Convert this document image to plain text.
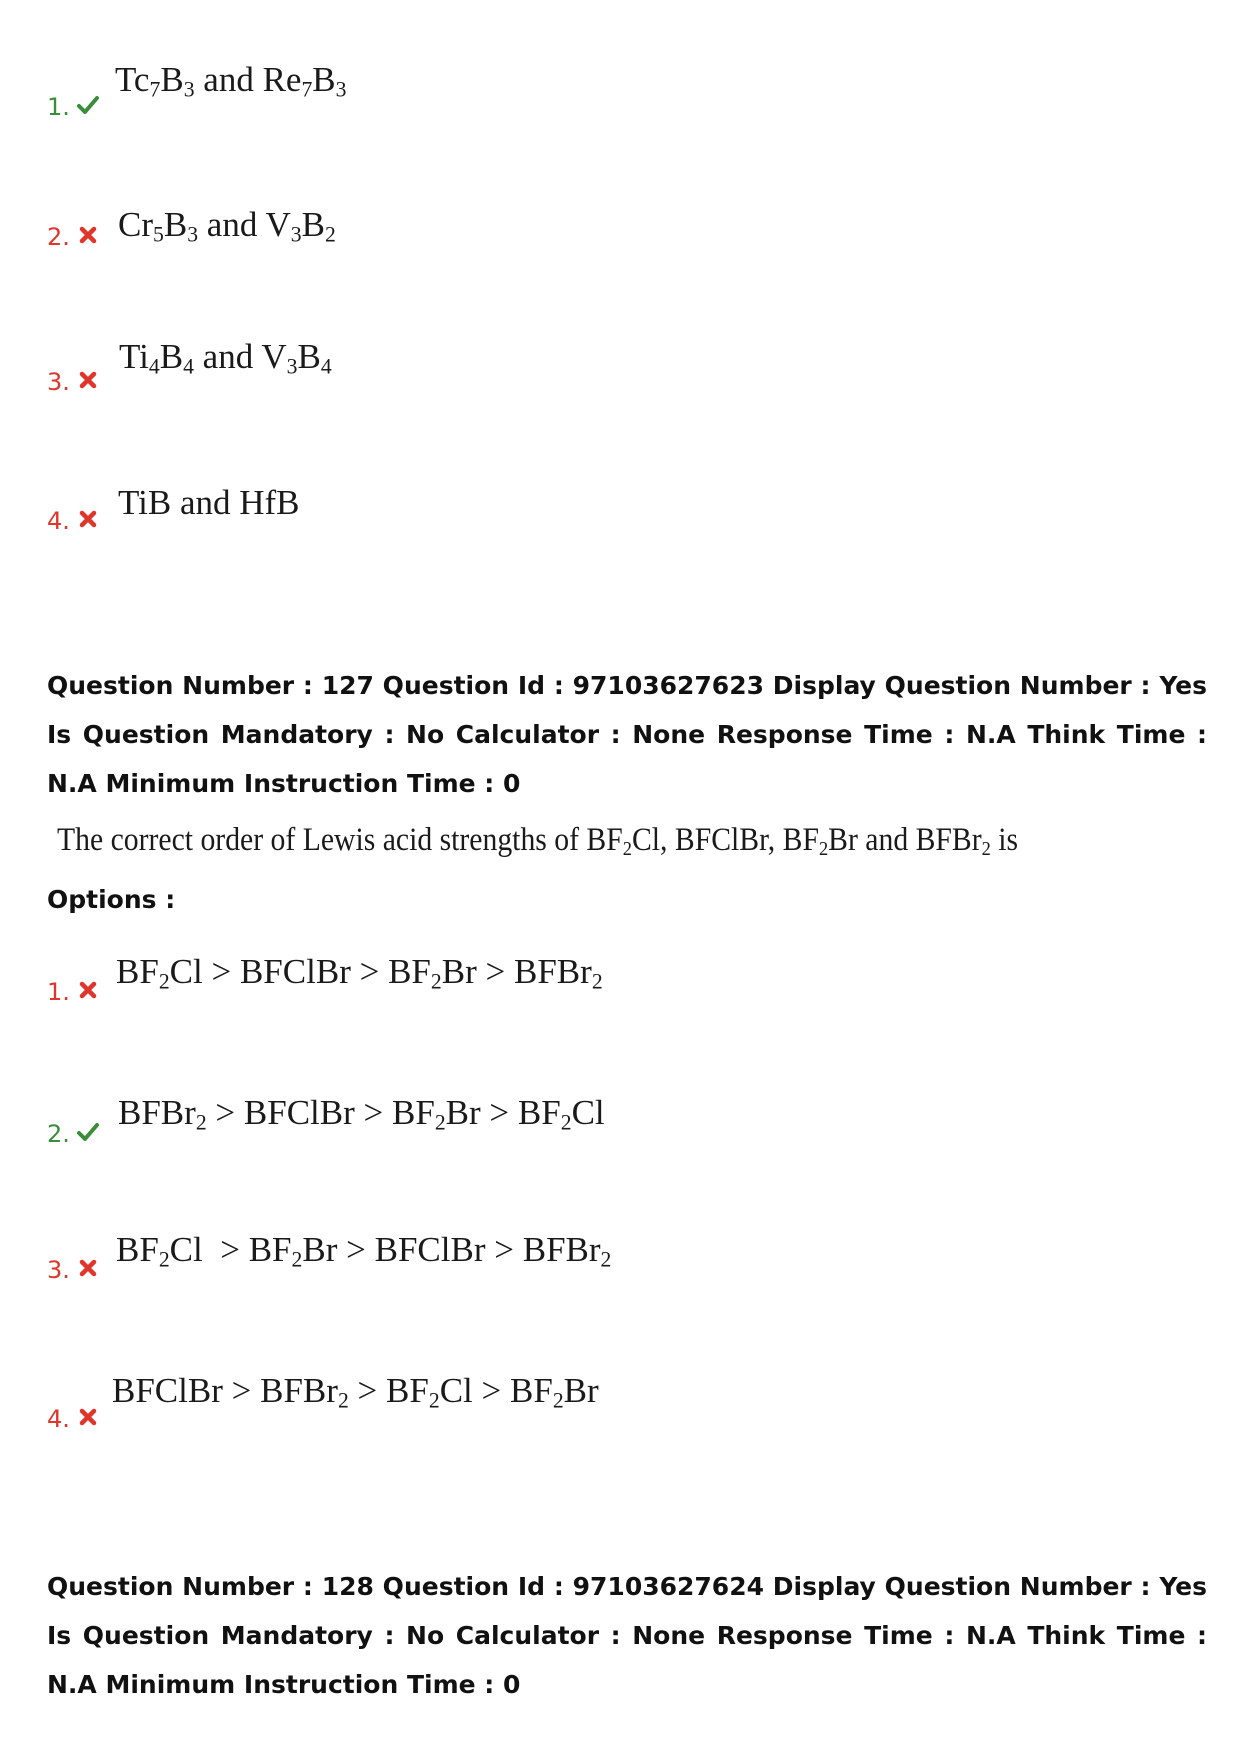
1.
$Tc_7B_3$ and $Re_7B_3$
2. $Cr_5B_3$ and $V_3B_2$
3.
$Ti_4B_4$ and $V_3B_4$
4. TiB and HfB
Question Number : 127 Question Id : 97103627623 Display Question Number : Yes Is Question Mandatory : No Calculator : None Response Time : N.A Think Time : N.A Minimum Instruction Time : 0
The correct order of Lewis acid strengths of $BF_2Cl$, BFClBr, $BF_2Br$ and BFBr$_2$ is
Options :
1.
$BF_2Cl$ > BFClBr > $BF_2Br$ > BFBr$_2$
2.
BFBr$_2$ > BFClBr > $BF_2Br > BF_2Cl$
3.
$BF_2Cl > BF_2Br$ > BFClBr > BFBr$_2$
4.
BFClBr > BFBr$_2$ > $BF_2Cl > BF_2Br$
Question Number : 128 Question Id : 97103627624 Display Question Number : Yes Is Question Mandatory : No Calculator : None Response Time : N.A Think Time : N.A Minimum Instruction Time : 0
